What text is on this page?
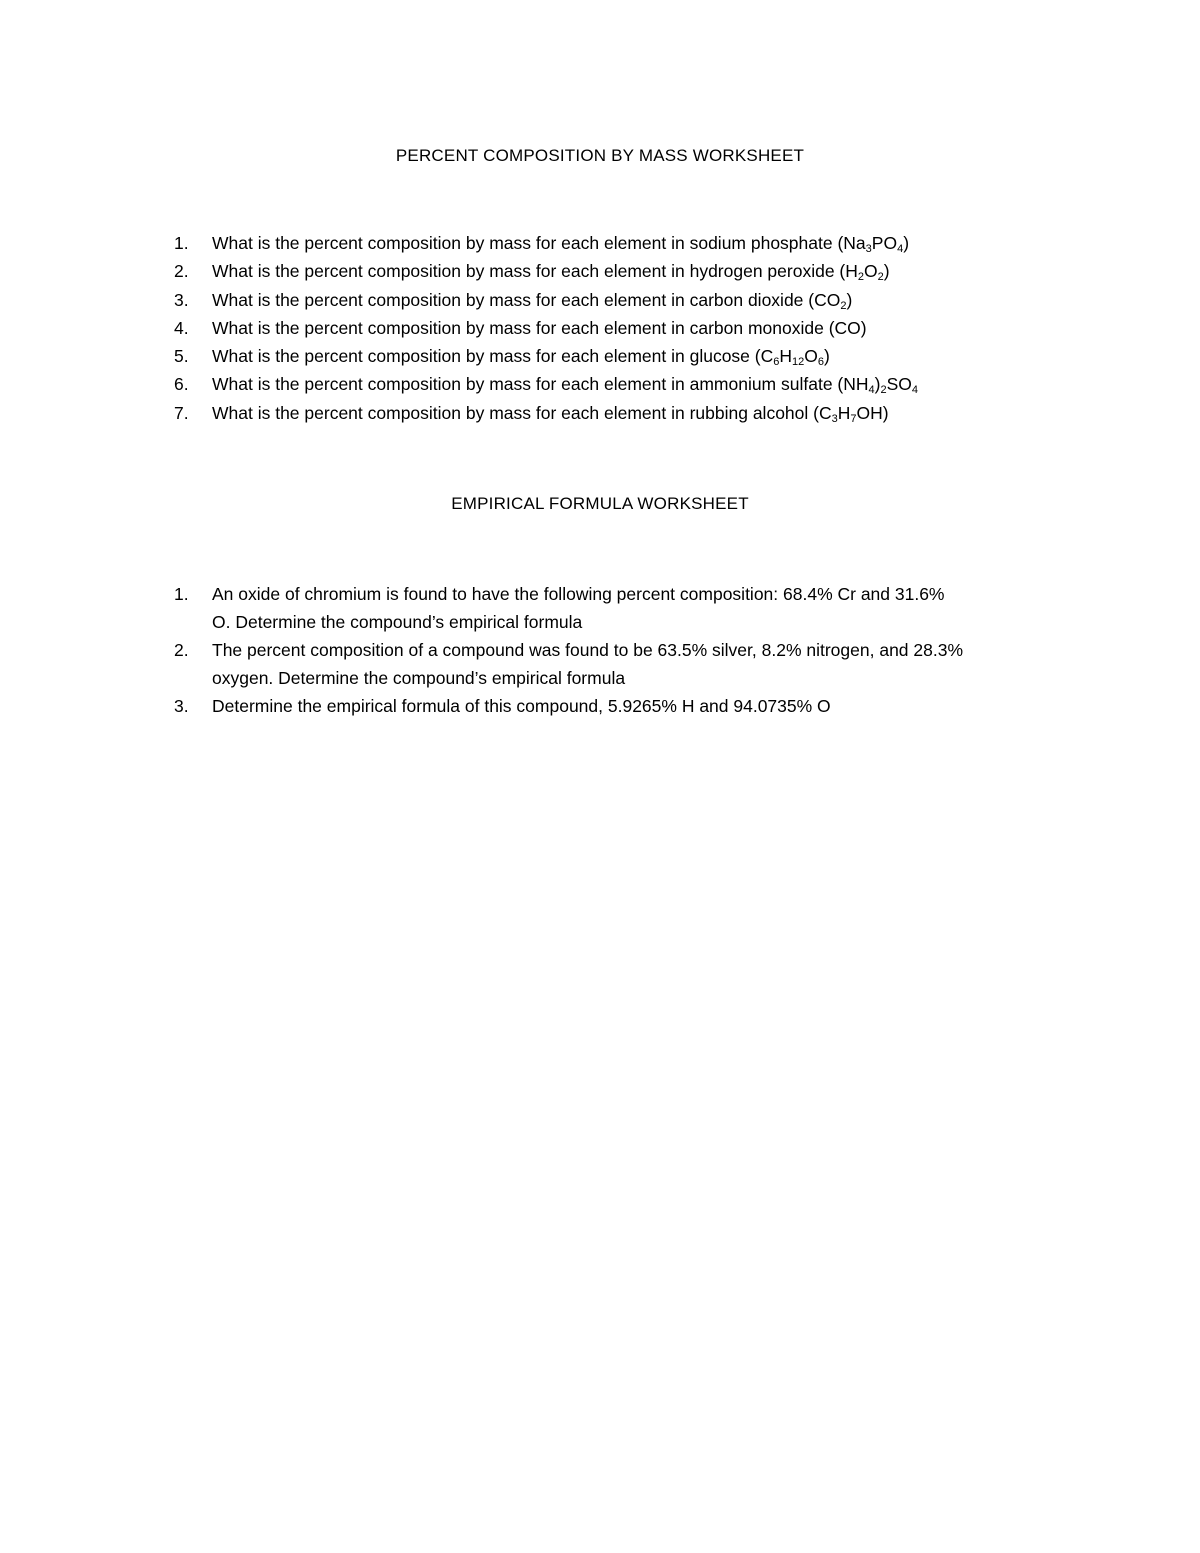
PERCENT COMPOSITION BY MASS WORKSHEET
1. What is the percent composition by mass for each element in sodium phosphate $(Na_3PO_4)$
2. What is the percent composition by mass for each element in hydrogen peroxide $(H_2O_2)$
3. What is the percent composition by mass for each element in carbon dioxide $(CO_2)$
4. What is the percent composition by mass for each element in carbon monoxide (CO)
5. What is the percent composition by mass for each element in glucose $(C_6H_{12}O_6)$
6. What is the percent composition by mass for each element in ammonium sulfate $(NH_4)_2SO_4$
7. What is the percent composition by mass for each element in rubbing alcohol $(C_3H_7OH)$
EMPIRICAL FORMULA WORKSHEET
1. An oxide of chromium is found to have the following percent composition: 68.4% Cr and 31.6%
O. Determine the compound’s empirical formula
2. The percent composition of a compound was found to be 63.5% silver, 8.2% nitrogen, and 28.3%
oxygen. Determine the compound’s empirical formula
3. Determine the empirical formula of this compound, 5.9265% H and 94.0735% O
